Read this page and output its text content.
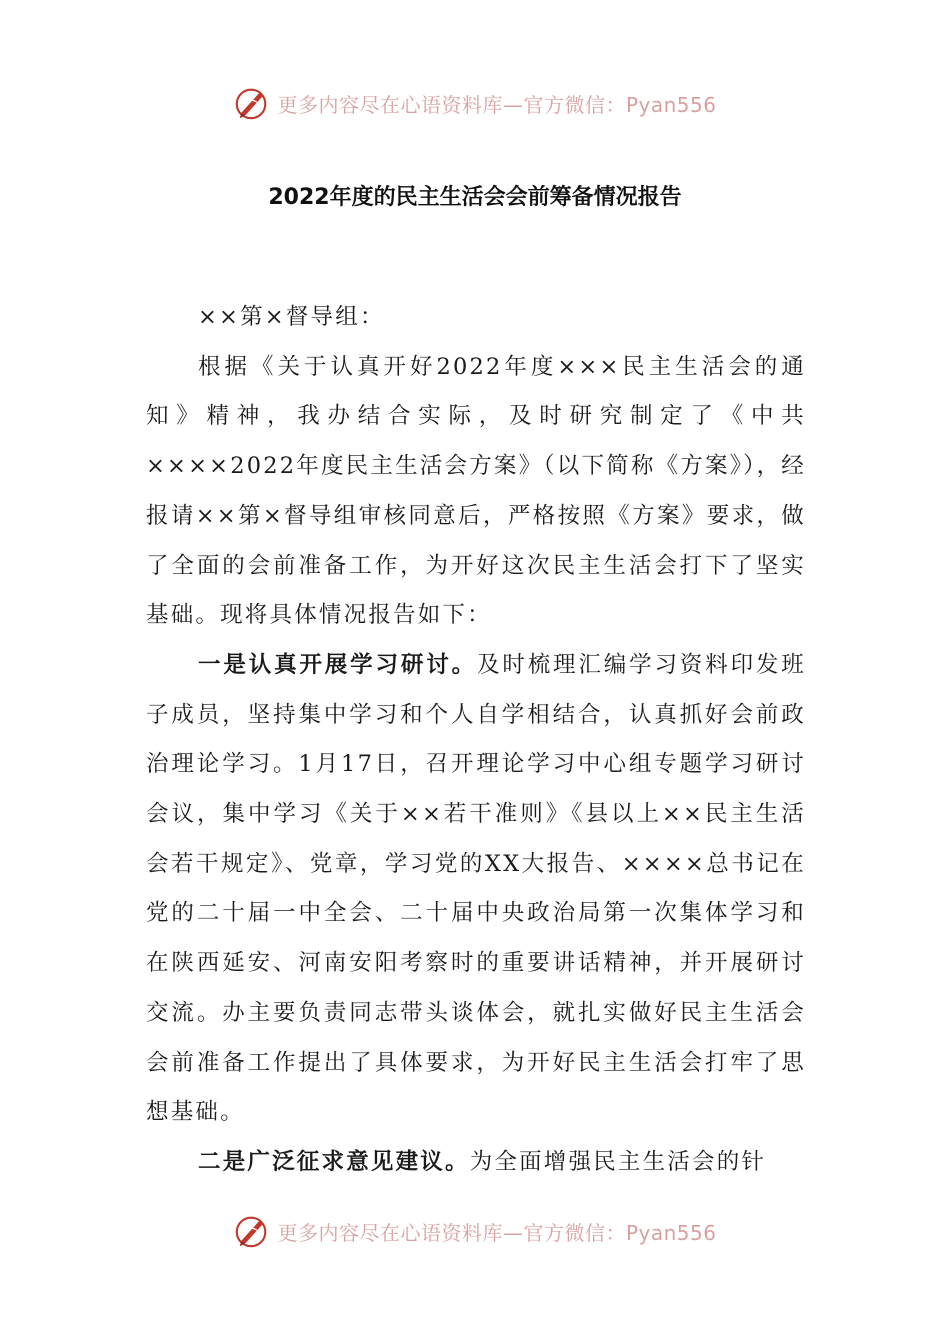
更多内容尽在心语资料库—官方微信：Pyan556
2022年度的民主生活会会前筹备情况报告

××第×督导组：

根据《关于认真开好2022年度×××民主生活会的通知》精神，我办结合实际，及时研究制定了《中共××××2022年度民主生活会方案》（以下简称《方案》），经报请××第×督导组审核同意后，严格按照《方案》要求，做了全面的会前准备工作，为开好这次民主生活会打下了坚实基础。现将具体情况报告如下：

一是认真开展学习研讨。及时梳理汇编学习资料印发班子成员，坚持集中学习和个人自学相结合，认真抓好会前政治理论学习。1月17日，召开理论学习中心组专题学习研讨会议，集中学习《关于××若干准则》《县以上××民主生活会若干规定》、党章，学习党的XX大报告、××××总书记在党的二十届一中全会、二十届中央政治局第一次集体学习和在陕西延安、河南安阳考察时的重要讲话精神，并开展研讨交流。办主要负责同志带头谈体会，就扎实做好民主生活会会前准备工作提出了具体要求，为开好民主生活会打牢了思想基础。

二是广泛征求意见建议。为全面增强民主生活会的针

更多内容尽在心语资料库—官方微信：Pyan556
